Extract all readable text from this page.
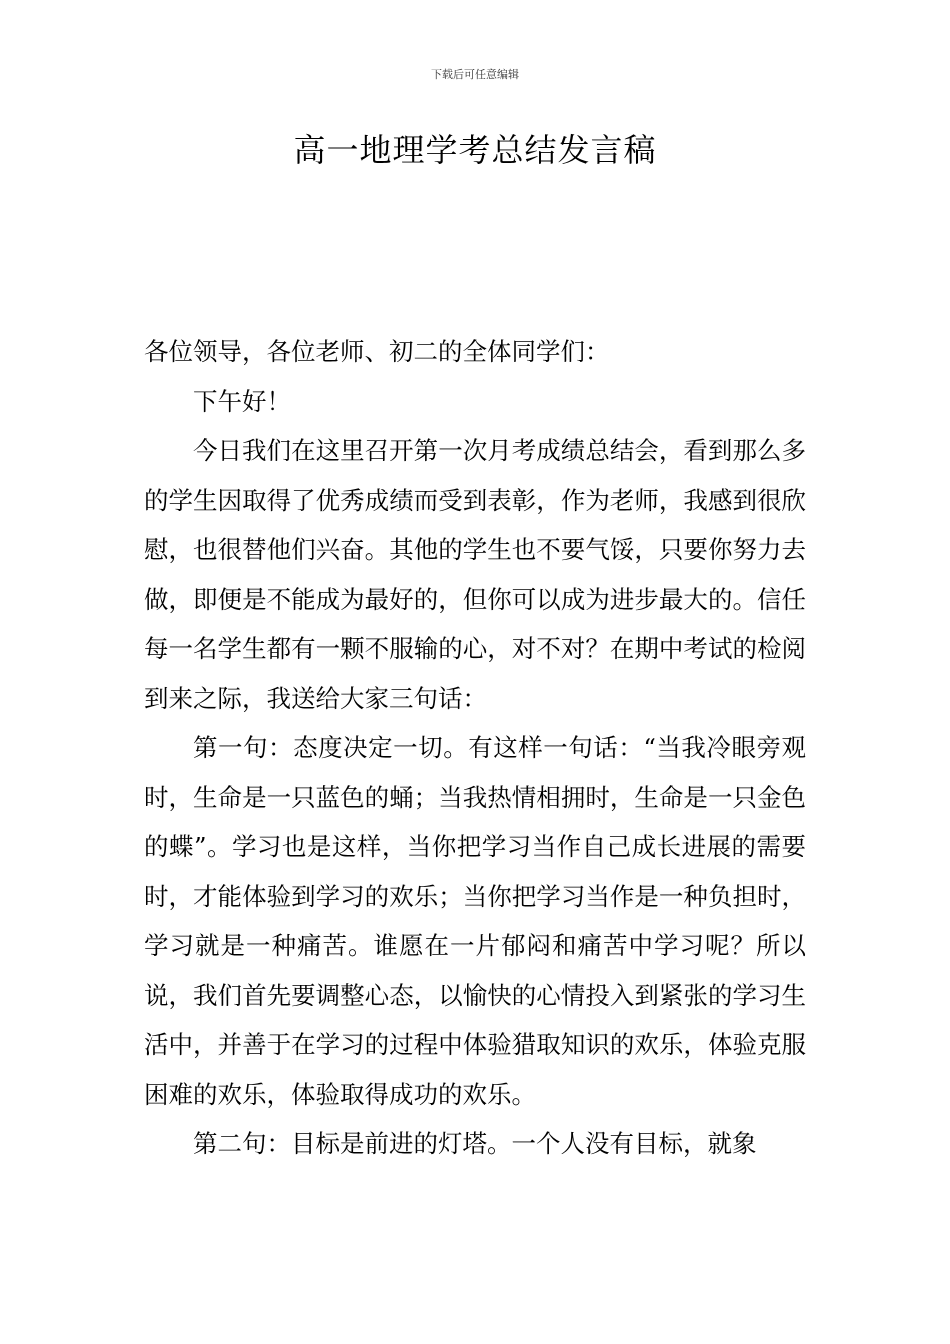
下载后可任意编辑
高一地理学考总结发言稿

各位领导，各位老师、初二的全体同学们：

下午好！

今日我们在这里召开第一次月考成绩总结会，看到那么多的学生因取得了优秀成绩而受到表彰，作为老师，我感到很欣慰，也很替他们兴奋。其他的学生也不要气馁，只要你努力去做，即便是不能成为最好的，但你可以成为进步最大的。信任每一名学生都有一颗不服输的心，对不对？在期中考试的检阅到来之际，我送给大家三句话：

第一句：态度决定一切。有这样一句话：“当我冷眼旁观时，生命是一只蓝色的蛹；当我热情相拥时，生命是一只金色的蝶”。学习也是这样，当你把学习当作自己成长进展的需要时，才能体验到学习的欢乐；当你把学习当作是一种负担时，学习就是一种痛苦。谁愿在一片郁闷和痛苦中学习呢？所以说，我们首先要调整心态，以愉快的心情投入到紧张的学习生活中，并善于在学习的过程中体验猎取知识的欢乐，体验克服困难的欢乐，体验取得成功的欢乐。

第二句：目标是前进的灯塔。一个人没有目标，就象
